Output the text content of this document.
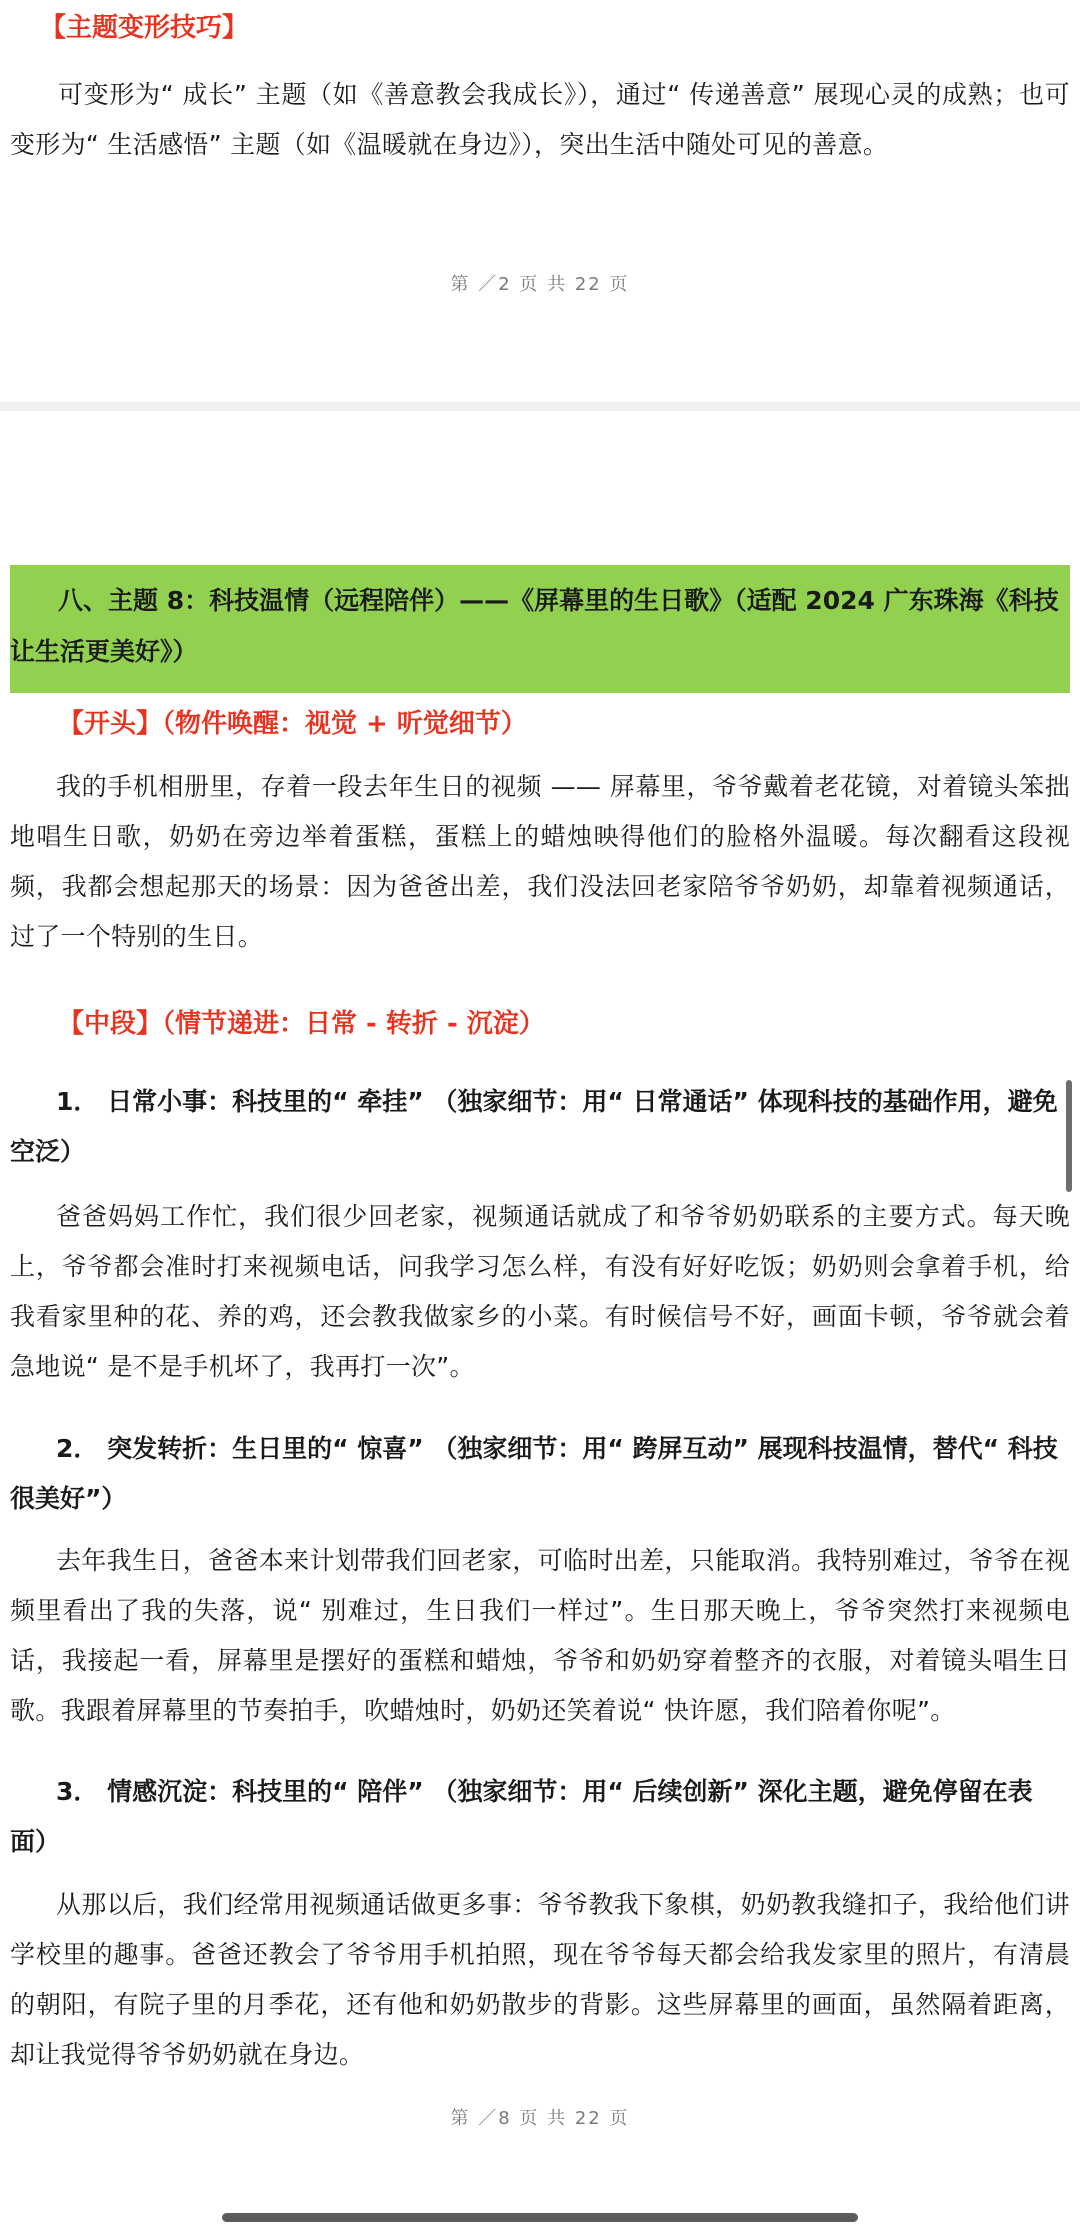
【主题变形技巧】
可变形为“ 成长” 主题（如《善意教会我成长》），通过“ 传递善意” 展现心灵的成熟；也可变形为“ 生活感悟” 主题（如《温暖就在身边》），突出生活中随处可见的善意。
第 ／2 页 共 22 页
八、主题 8：科技温情（远程陪伴）——《屏幕里的生日歌》（适配 2024 广东珠海《科技让生活更美好》）
【开头】（物件唤醒：视觉 + 听觉细节）
我的手机相册里，存着一段去年生日的视频 —— 屏幕里，爷爷戴着老花镜，对着镜头笨拙地唱生日歌，奶奶在旁边举着蛋糕，蛋糕上的蜡烛映得他们的脸格外温暖。每次翻看这段视频，我都会想起那天的场景：因为爸爸出差，我们没法回老家陪爷爷奶奶，却靠着视频通话，过了一个特别的生日。
【中段】（情节递进：日常 - 转折 - 沉淀）
1． 日常小事：科技里的“ 牵挂” （独家细节：用“ 日常通话” 体现科技的基础作用，避免空泛）
爸爸妈妈工作忙，我们很少回老家，视频通话就成了和爷爷奶奶联系的主要方式。每天晚上，爷爷都会准时打来视频电话，问我学习怎么样，有没有好好吃饭；奶奶则会拿着手机，给我看家里种的花、养的鸡，还会教我做家乡的小菜。有时候信号不好，画面卡顿，爷爷就会着急地说“ 是不是手机坏了，我再打一次”。
2． 突发转折：生日里的“ 惊喜” （独家细节：用“ 跨屏互动” 展现科技温情，替代“ 科技很美好”）
去年我生日，爸爸本来计划带我们回老家，可临时出差，只能取消。我特别难过，爷爷在视频里看出了我的失落，说“ 别难过，生日我们一样过”。生日那天晚上，爷爷突然打来视频电话，我接起一看，屏幕里是摆好的蛋糕和蜡烛，爷爷和奶奶穿着整齐的衣服，对着镜头唱生日歌。我跟着屏幕里的节奏拍手，吹蜡烛时，奶奶还笑着说“ 快许愿，我们陪着你呢”。
3． 情感沉淀：科技里的“ 陪伴” （独家细节：用“ 后续创新” 深化主题，避免停留在表面）
从那以后，我们经常用视频通话做更多事：爷爷教我下象棋，奶奶教我缝扣子，我给他们讲学校里的趣事。爸爸还教会了爷爷用手机拍照，现在爷爷每天都会给我发家里的照片，有清晨的朝阳，有院子里的月季花，还有他和奶奶散步的背影。这些屏幕里的画面，虽然隔着距离，却让我觉得爷爷奶奶就在身边。
第 ／8 页 共 22 页
